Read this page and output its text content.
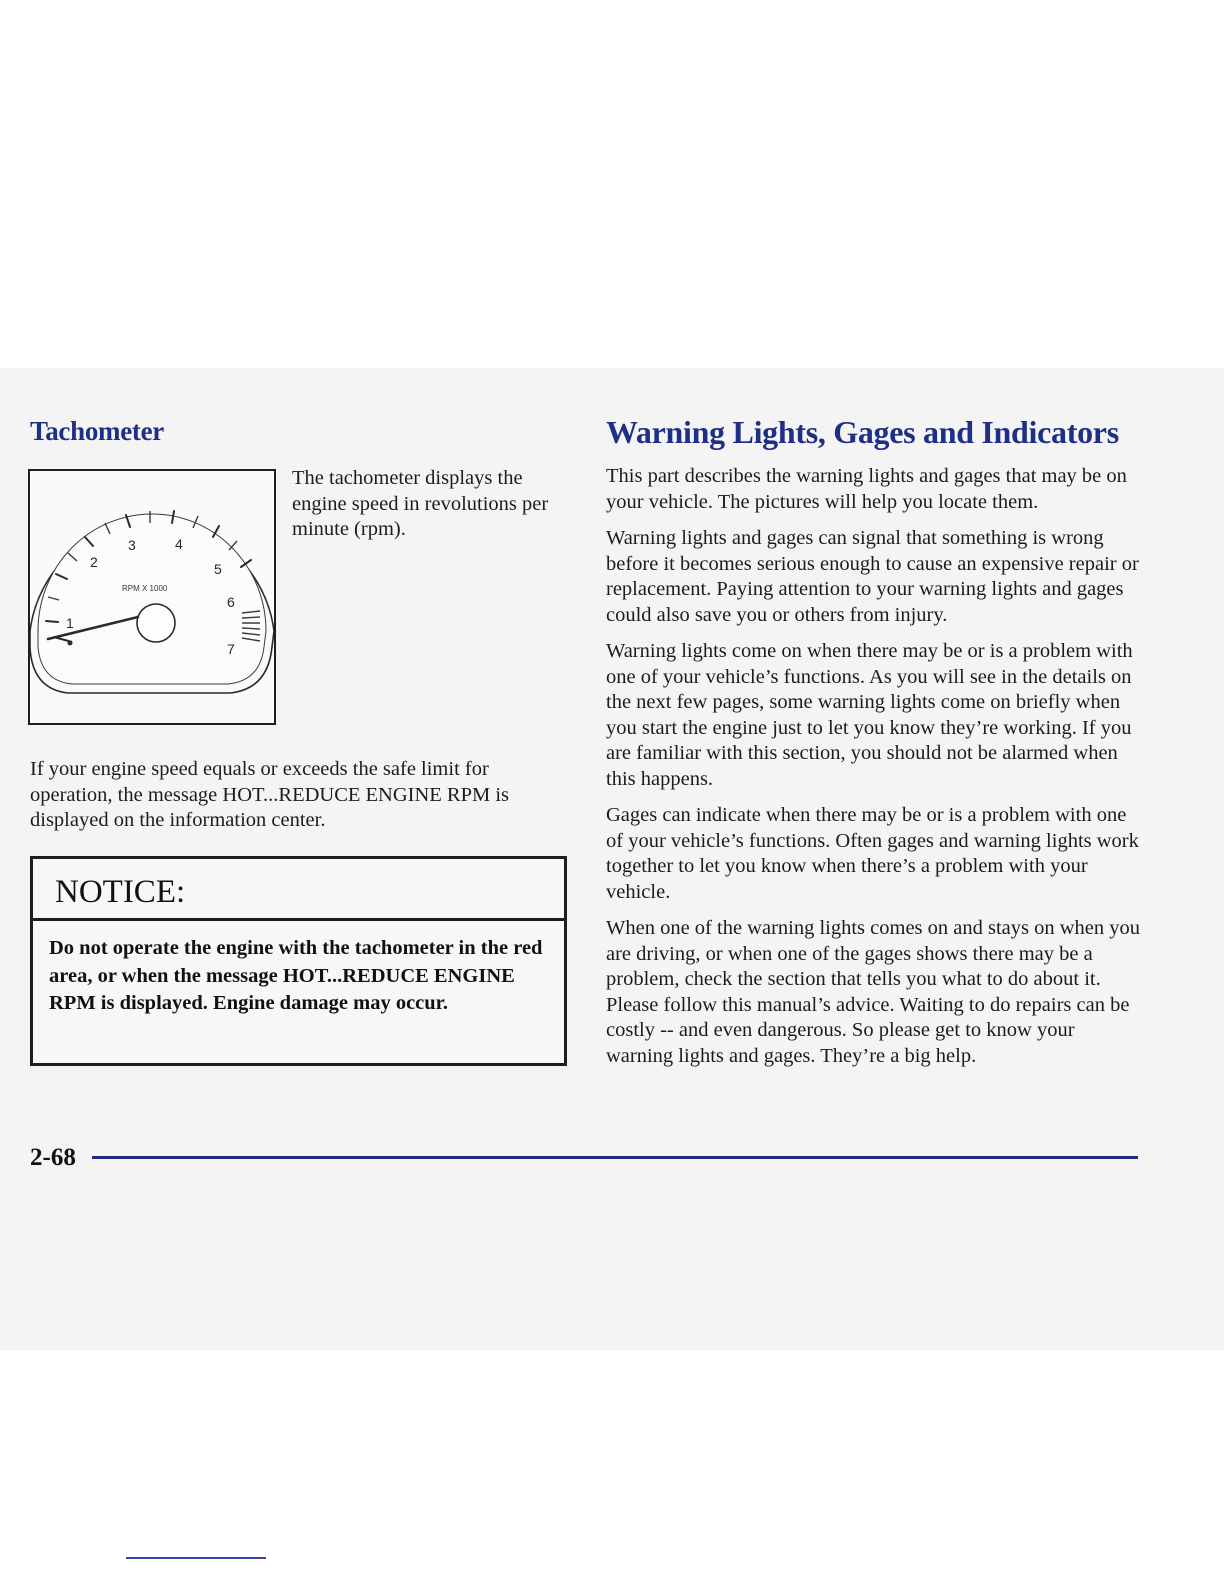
Tachometer
1
2
3	4
5
6
7
RPM X 1000

The tachometer displays the engine speed in revolutions per minute (rpm).

If your engine speed equals or exceeds the safe limit for operation, the message HOT...REDUCE ENGINE RPM is displayed on the information center.

NOTICE:

Do not operate the engine with the tachometer in the red area, or when the message HOT...REDUCE ENGINE RPM is displayed. Engine damage may occur.

Warning Lights, Gages and Indicators

This part describes the warning lights and gages that may be on your vehicle. The pictures will help you locate them.

Warning lights and gages can signal that something is wrong before it becomes serious enough to cause an expensive repair or replacement. Paying attention to your warning lights and gages could also save you or others from injury.

Warning lights come on when there may be or is a problem with one of your vehicle’s functions. As you will see in the details on the next few pages, some warning lights come on briefly when you start the engine just to let you know they’re working. If you are familiar with this section, you should not be alarmed when this happens.

Gages can indicate when there may be or is a problem with one of your vehicle’s functions. Often gages and warning lights work together to let you know when there’s a problem with your vehicle.

When one of the warning lights comes on and stays on when you are driving, or when one of the gages shows there may be a problem, check the section that tells you what to do about it. Please follow this manual’s advice. Waiting to do repairs can be costly -- and even dangerous. So please get to know your warning lights and gages. They’re a big help.

2-68
